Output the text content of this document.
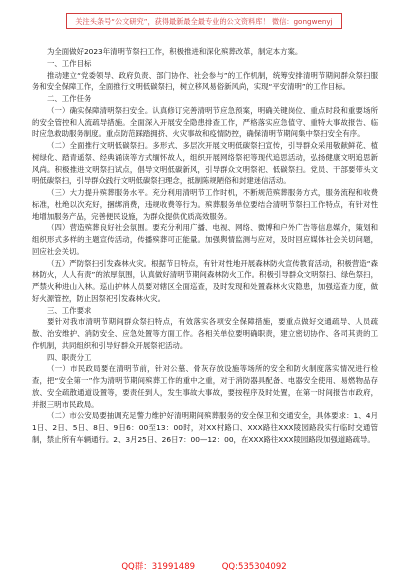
关注头条号“公文研究”，获得最新最全最专业的公文资料库！ 微信：gongwenyj

为全面做好2023年清明节祭扫工作，积极推进和深化殡葬改革，制定本方案。

一、工作目标

推动建立“党委领导、政府负责、部门协作、社会参与”的工作机制，统筹安排清明节期间群众祭扫服务和安全保障工作，全面推行文明低碳祭扫，树立移风易俗新风尚，实现“平安清明”的工作目标。

二、工作任务

（一）确实保障清明祭扫安全。认真修订完善清明节应急预案，明确关键岗位、重点时段和重要场所的安全管控和人流疏导措施。全面深入开展安全隐患排查工作，严格落实应急值守、重特大事故报告、临时应急救助服务制度。重点防范踩踏拥挤、火灾事故和疫情防控，确保清明节期间集中祭扫安全有序。

（二）全面推行文明低碳祭扫。多形式、多层次开展文明低碳祭扫宣传，引导群众采用敬献鲜花、植树绿化、踏青遥祭、经典诵读等方式缅怀故人，组织开展网络祭祀等现代追思活动，弘扬健康文明追思新风尚。积极推进文明祭扫试点，倡导文明低碳新风，引导群众文明祭祀、低碳祭扫。党员、干部要带头文明低碳祭扫，引导群众践行文明低碳祭扫理念，抵制陈规陋俗和封建迷信活动。

（三）大力提升殡葬服务水平。充分利用清明节工作时机，不断规范殡葬服务方式，服务流程和收费标准，杜绝以次充好，捆绑消费，违规收费等行为。殡葬服务单位要结合清明节祭扫工作特点，有针对性地增加服务产品，完善便民设施，为群众提供优质高效服务。

（四）营造殡葬良好社会氛围。要充分利用广播、电视、网络、微博和户外广告等信息媒介，策划和组织形式多样的主题宣传活动，传播殡葬可正能量。加强舆情监测与应对，及时回应媒体社会关切问题，回应社会关切。

（五）严防祭扫引发森林火灾。根据节日特点，有针对性地开展森林防火宣传教育活动，积极营造“森林防火，人人有责”的浓厚氛围，认真做好清明节期间森林防火工作。积极引导群众文明祭扫、绿色祭扫，严禁火种进山入林。巡山护林人员要对辖区全面巡查，及时发现和处置森林火灾隐患，加强巡查力度，做好火源管控，防止因祭祀引发森林火灾。

三、工作要求

要针对我市清明节期间群众祭扫特点，有效落实各项安全保障措施，要重点做好交通疏导、人员疏散、治安维护、消防安全、应急处置等方面工作。各相关单位要明确职责，建立密切协作、各司其责的工作机制，共同组织和引导好群众开展祭祀活动。

四、职责分工

（一）市民政局要在清明节前，针对公墓、骨灰存放设施等场所的安全和防火制度落实情况进行检查，把“安全第一”作为清明节期间殡葬工作的重中之重，对于消防器具配备、电器安全使用、易燃物品存放、安全疏散通道设置等，要责任到人，发生事故大事故，要按程序及时处置，在第一时间报告市政府，并报三明市民政局。

（二）市公安局要抽调充足警力维护好清明期间殡葬服务的安全保卫和交通安全，具体要求：1、4月1日、2日、5日、8日、9日6：00至13：00时，对XX村路口、XXX路往XXX陵园路段实行临时交通管制，禁止所有车辆通行。2、3月25日、26日7：00—12：00，在XXX路往XXX陵园路段加强道路疏导。

QQ群：31991489	QQ:535304092
